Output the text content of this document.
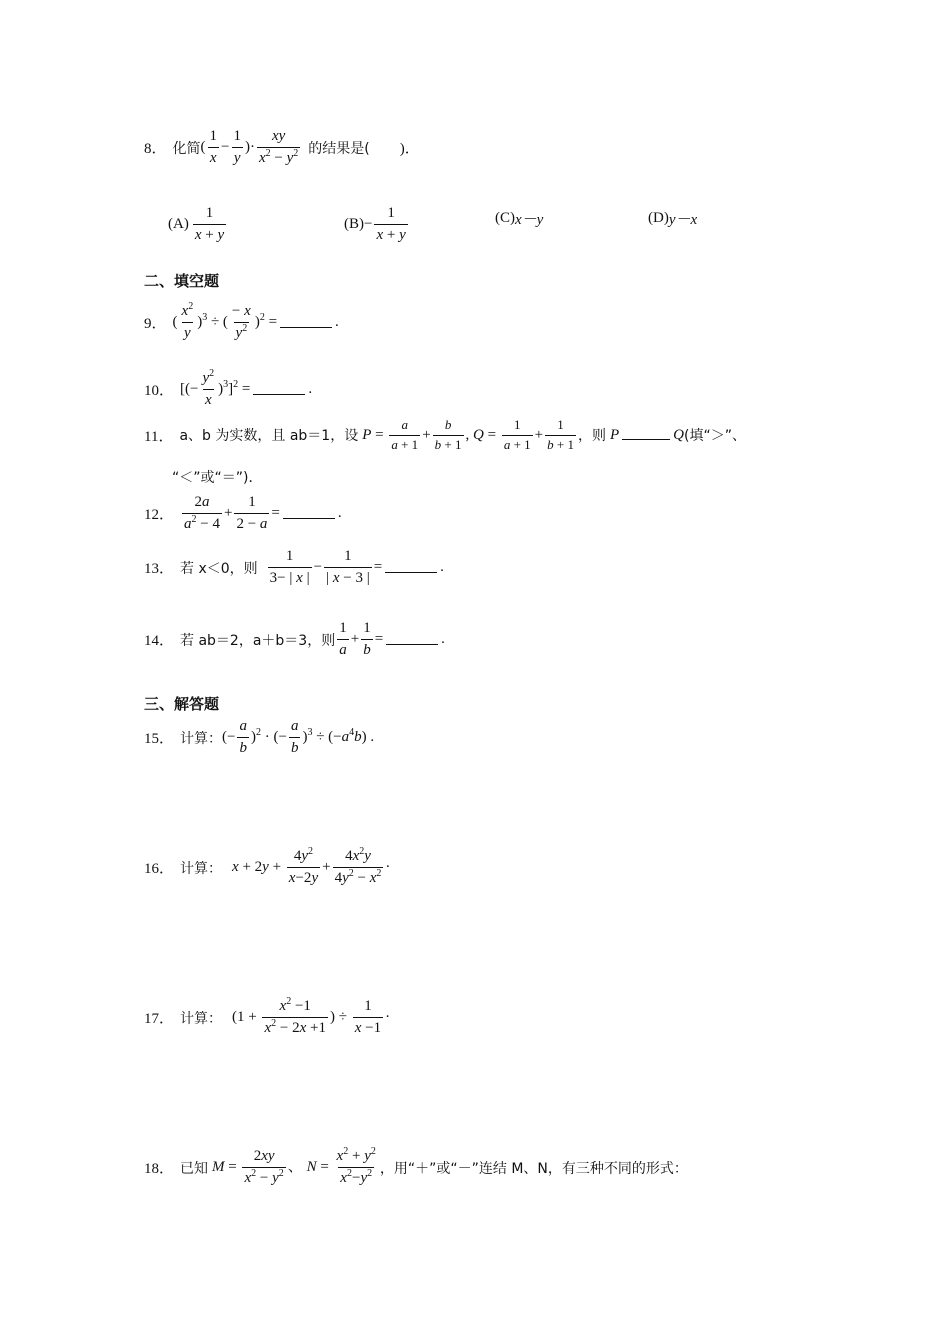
8． 化简 ( $\frac{1}{x} - \frac{1}{y}$ )· $\frac{xy}{x^2 - y^2}$ 的结果是( )．
$(A) \frac{1}{x + y}$	$(B) - \frac{1}{x + y}$	(C) x－y	(D) y－x
二、填空题
9． ( $\frac{x^2}{y} )^3$ ÷ ( $\frac{- x}{y^2} )^2$ =	.
10． [(− $\frac{y^2}{x} )^3]^2$ =	.
11． a、b 为实数，且 ab＝1，设 $P = \frac{a}{a + 1} + \frac{b}{b + 1}$ , $Q = \frac{1}{a + 1} + \frac{1}{b + 1}$ ，则 P	Q (填“＞”、
“＜”或“＝”)．
12． $\frac{2a}{a^2 - 4} + \frac{1}{2 - a}$ =	.
13． 若 x＜0，则 $\frac{1}{3- | x |} - \frac{1}{| x - 3 |}$ =	.
14． 若 ab＝2，a＋b＝3，则 $\frac{1}{a} + \frac{1}{b}$ =	.
三、解答题
15． 计算： (− $\frac{a}{b} )^2$ · (− $\frac{a}{b} )^3 \div (-a^4b)$ .
16． 计算： $x + 2y + \frac{4y^2}{x-2y} + \frac{4x^2y}{4y^2 - x^2}$ ·
17． 计算： ($1 + \frac{x^2 -1}{x^2 - 2x +1}$ ) ÷ $\frac{1}{x -1}$ ·
18． 已知 $M = \frac{2xy}{x^2 - y^2}$ 、 $N = \frac{x^2 + y^2}{x^2-y^2}$ ，用“＋”或“－”连结 M、N，有三种不同的形式：
